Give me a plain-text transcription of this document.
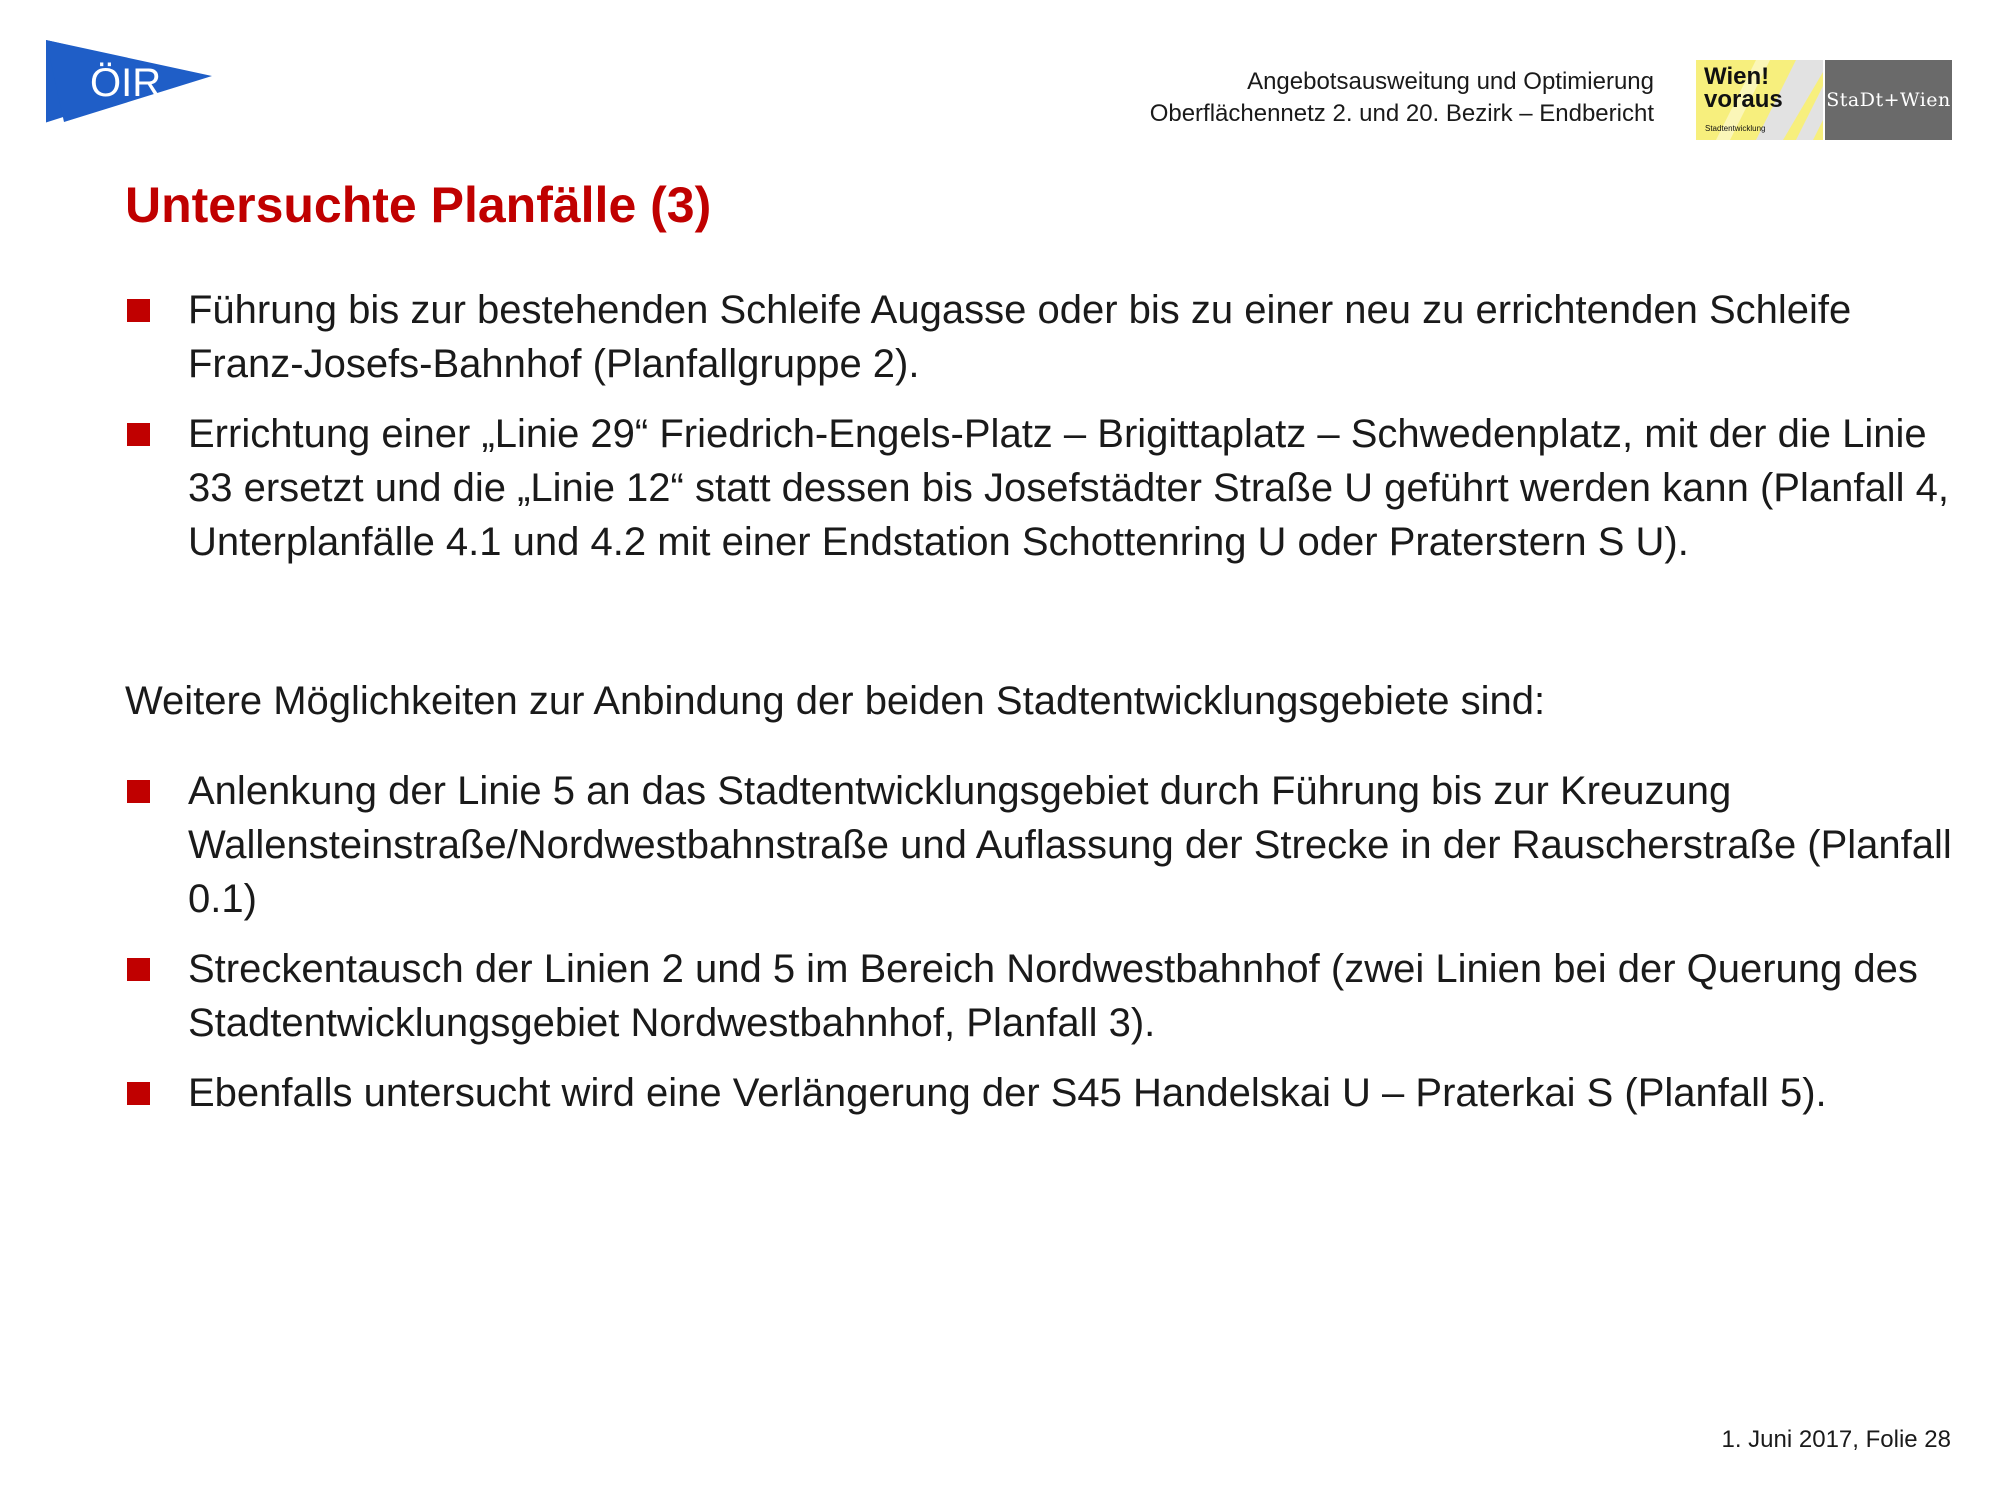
ÖIR	Angebotsausweitung und Optimierung
Oberflächennetz 2. und 20. Bezirk – Endbericht
Wien!
voraus
Stadtentwicklung
StaDt+Wien
Untersuchte Planfälle (3)
Führung bis zur bestehenden Schleife Augasse oder bis zu einer neu zu errichtenden Schleife Franz-Josefs-Bahnhof (Planfallgruppe 2).
Errichtung einer „Linie 29“ Friedrich-Engels-Platz – Brigittaplatz – Schwedenplatz, mit der die Linie 33 ersetzt und die „Linie 12“ statt dessen bis Josefstädter Straße U geführt werden kann (Planfall 4, Unterplanfälle 4.1 und 4.2 mit einer Endstation Schottenring U oder Praterstern S U).

Weitere Möglichkeiten zur Anbindung der beiden Stadtentwicklungsgebiete sind:

Anlenkung der Linie 5 an das Stadtentwicklungsgebiet durch Führung bis zur Kreuzung Wallensteinstraße/Nordwestbahnstraße und Auflassung der Strecke in der Rauscherstraße (Planfall 0.1)
Streckentausch der Linien 2 und 5 im Bereich Nordwestbahnhof (zwei Linien bei der Querung des Stadtentwicklungsgebiet Nordwestbahnhof, Planfall 3).
Ebenfalls untersucht wird eine Verlängerung der S45 Handelskai U – Praterkai S (Planfall 5).
1. Juni 2017, Folie 28
